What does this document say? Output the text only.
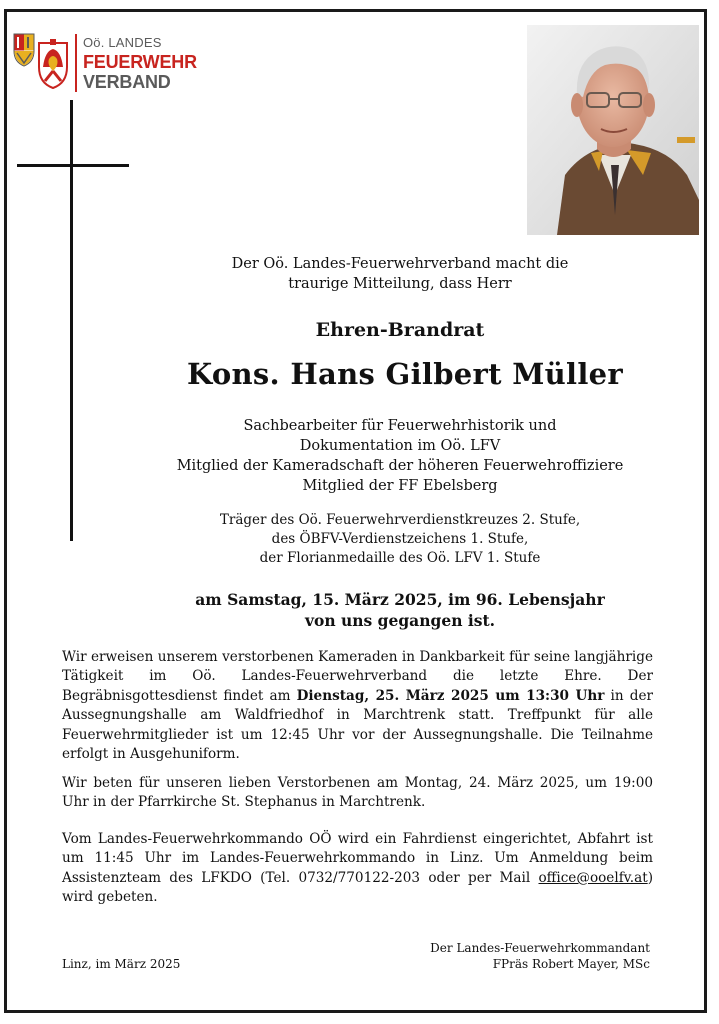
Oö. LANDES
FEUERWEHR
VERBAND
Der Oö. Landes-Feuerwehrverband macht die
traurige Mitteilung, dass Herr
Ehren-Brandrat
Kons. Hans Gilbert Müller
Sachbearbeiter für Feuerwehrhistorik und
Dokumentation im Oö. LFV
Mitglied der Kameradschaft der höheren Feuerwehroffiziere
Mitglied der FF Ebelsberg
Träger des Oö. Feuerwehrverdienstkreuzes 2. Stufe,
des ÖBFV-Verdienstzeichens 1. Stufe,
der Florianmedaille des Oö. LFV 1. Stufe
am Samstag, 15. März 2025, im 96. Lebensjahr
von uns gegangen ist.
Wir erweisen unserem verstorbenen Kameraden in Dankbarkeit für seine langjährige Tätigkeit im Oö. Landes-Feuerwehrverband die letzte Ehre. Der Begräbnisgottesdienst findet am Dienstag, 25. März 2025 um 13:30 Uhr in der Aussegnungshalle am Waldfriedhof in Marchtrenk statt. Treffpunkt für alle Feuerwehrmitglieder ist um 12:45 Uhr vor der Aussegnungshalle. Die Teilnahme erfolgt in Ausgehuniform.
Wir beten für unseren lieben Verstorbenen am Montag, 24. März 2025, um 19:00 Uhr in der Pfarrkirche St. Stephanus in Marchtrenk.
Vom Landes-Feuerwehrkommando OÖ wird ein Fahrdienst eingerichtet, Abfahrt ist um 11:45 Uhr im Landes-Feuerwehrkommando in Linz. Um Anmeldung beim Assistenzteam des LFKDO (Tel. 0732/770122-203 oder per Mail office@ooelfv.at) wird gebeten.
Linz, im März 2025
Der Landes-Feuerwehrkommandant
FPräs Robert Mayer, MSc
